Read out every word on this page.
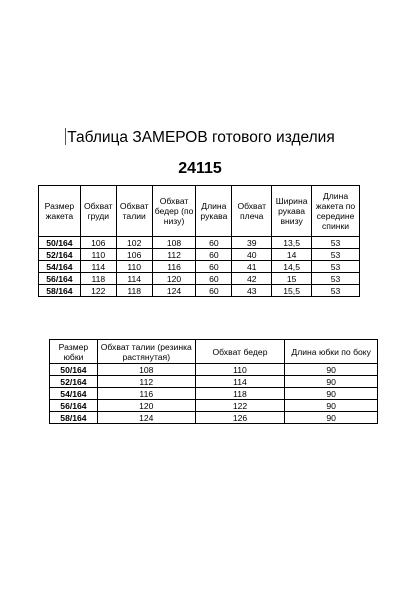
Таблица ЗАМЕРОВ готового изделия
24115
Размер жакета	Обхват груди	Обхват талии	Обхват бедер (по низу)	Длина рукава	Обхват плеча	Ширина рукава внизу	Длина жакета по середине спинки
50/164	106	102	108	60	39	13,5	53
52/164	110	106	112	60	40	14	53
54/164	114	110	116	60	41	14,5	53
56/164	118	114	120	60	42	15	53
58/164	122	118	124	60	43	15,5	53
Размер юбки	Обхват талии (резинка растянутая)	Обхват бедер	Длина юбки по боку
50/164	108	110	90
52/164	112	114	90
54/164	116	118	90
56/164	120	122	90
58/164	124	126	90
